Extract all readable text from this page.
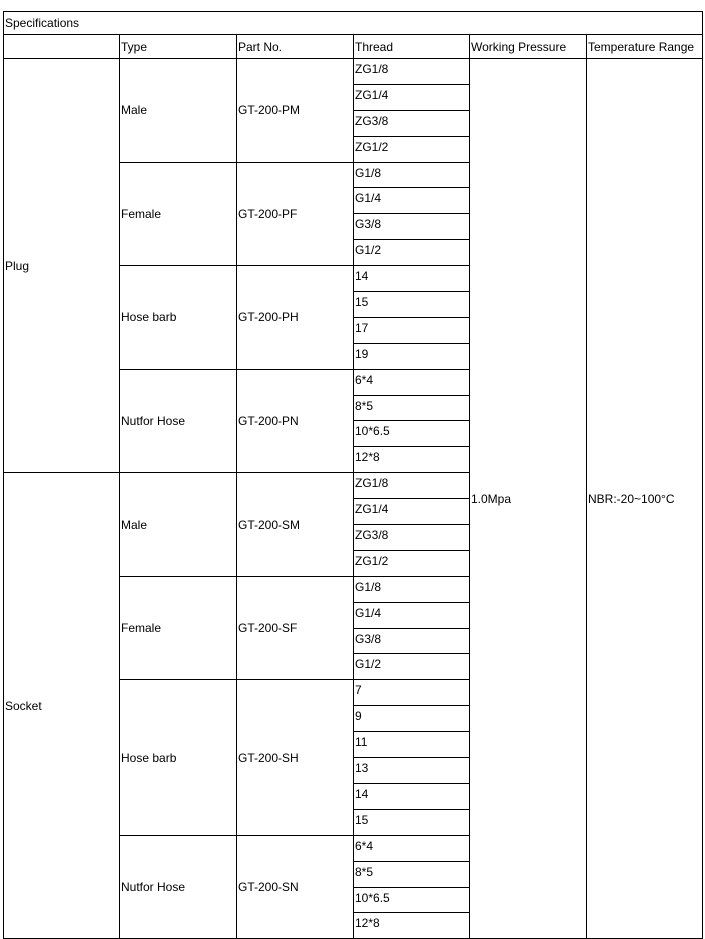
Specifications					
	Type	Part No.	Thread	Working Pressure	Temperature Range
Plug	Male	GT-200-PM	ZG1/8	1.0Mpa	NBR:-20~100°C
			ZG1/4		
			ZG3/8		
			ZG1/2		
	Female	GT-200-PF	G1/8		
			G1/4		
			G3/8		
			G1/2		
	Hose barb	GT-200-PH	14		
			15		
			17		
			19		
	Nutfor Hose	GT-200-PN	6*4		
			8*5		
			10*6.5		
			12*8		
Socket	Male	GT-200-SM	ZG1/8		
			ZG1/4		
			ZG3/8		
			ZG1/2		
	Female	GT-200-SF	G1/8		
			G1/4		
			G3/8		
			G1/2		
	Hose barb	GT-200-SH	7		
			9		
			11		
			13		
			14		
			15		
	Nutfor Hose	GT-200-SN	6*4		
			8*5		
			10*6.5		
			12*8		
